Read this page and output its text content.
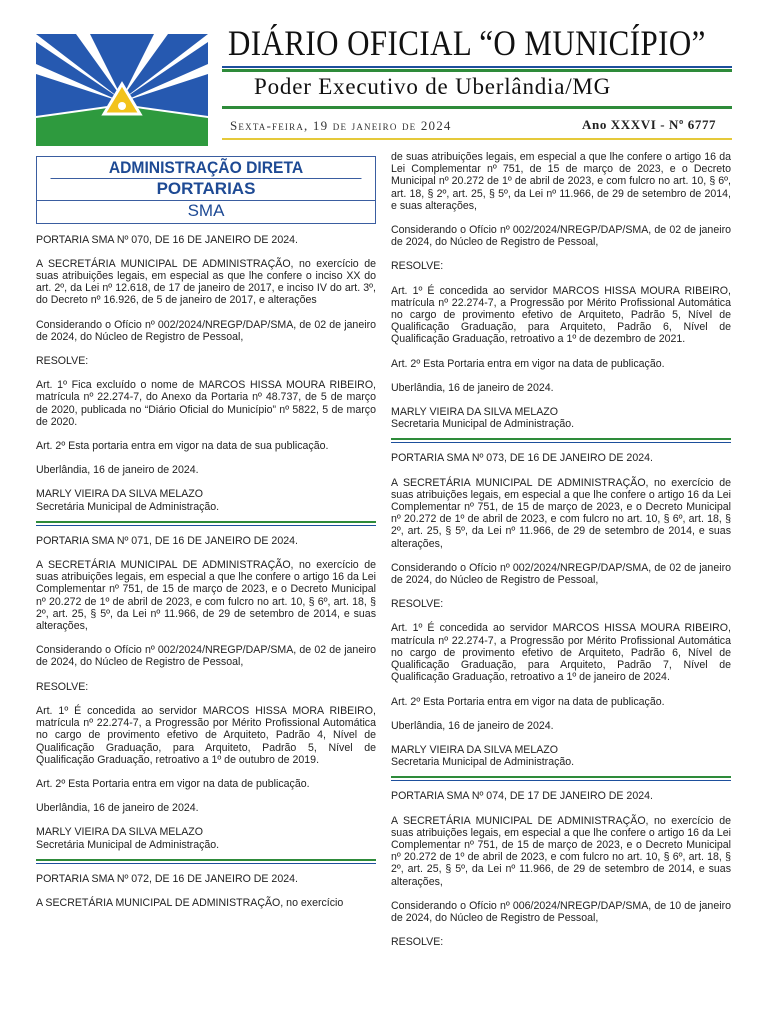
DIÁRIO OFICIAL “O MUNICÍPIO”
Poder Executivo de Uberlândia/MG
Sexta-feira, 19 de janeiro de 2024	Ano XXXVI - Nº 6777
ADMINISTRAÇÃO DIRETA
PORTARIAS
SMA

PORTARIA SMA Nº 070, DE 16 DE JANEIRO DE 2024.

A SECRETÁRIA MUNICIPAL DE ADMINISTRAÇÃO, no exercício de suas atribuições legais, em especial as que lhe confere o inciso XX do art. 2º, da Lei nº 12.618, de 17 de janeiro de 2017, e inciso IV do art. 3º, do Decreto nº 16.926, de 5 de janeiro de 2017, e alterações

Considerando o Ofício nº 002/2024/NREGP/DAP/SMA, de 02 de janeiro de 2024, do Núcleo de Registro de Pessoal,

RESOLVE:

Art. 1º Fica excluído o nome de MARCOS HISSA MOURA RIBEIRO, matrícula nº 22.274-7, do Anexo da Portaria nº 48.737, de 5 de março de 2020, publicada no “Diário Oficial do Município” nº 5822, 5 de março de 2020.

Art. 2º Esta portaria entra em vigor na data de sua publicação.

Uberlândia, 16 de janeiro de 2024.

MARLY VIEIRA DA SILVA MELAZO

Secretária Municipal de Administração.

PORTARIA SMA Nº 071, DE 16 DE JANEIRO DE 2024.

A SECRETÁRIA MUNICIPAL DE ADMINISTRAÇÃO, no exercício de suas atribuições legais, em especial a que lhe confere o artigo 16 da Lei Complementar nº 751, de 15 de março de 2023, e o Decreto Municipal nº 20.272 de 1º de abril de 2023, e com fulcro no art. 10, § 6º, art. 18, § 2º, art. 25, § 5º, da Lei nº 11.966, de 29 de setembro de 2014, e suas alterações,

Considerando o Ofício nº 002/2024/NREGP/DAP/SMA, de 02 de janeiro de 2024, do Núcleo de Registro de Pessoal,

RESOLVE:

Art. 1º É concedida ao servidor MARCOS HISSA MORA RIBEIRO, matrícula nº 22.274-7, a Progressão por Mérito Profissional Automática no cargo de provimento efetivo de Arquiteto, Padrão 4, Nível de Qualificação Graduação, para Arquiteto, Padrão 5, Nível de Qualificação Graduação, retroativo a 1º de outubro de 2019.

Art. 2º Esta Portaria entra em vigor na data de publicação.

Uberlândia, 16 de janeiro de 2024.

MARLY VIEIRA DA SILVA MELAZO

Secretária Municipal de Administração.

PORTARIA SMA Nº 072, DE 16 DE JANEIRO DE 2024.

A SECRETÁRIA MUNICIPAL DE ADMINISTRAÇÃO, no exercício

de suas atribuições legais, em especial a que lhe confere o artigo 16 da Lei Complementar nº 751, de 15 de março de 2023, e o Decreto Municipal nº 20.272 de 1º de abril de 2023, e com fulcro no art. 10, § 6º, art. 18, § 2º, art. 25, § 5º, da Lei nº 11.966, de 29 de setembro de 2014, e suas alterações,

Considerando o Ofício nº 002/2024/NREGP/DAP/SMA, de 02 de janeiro de 2024, do Núcleo de Registro de Pessoal,

RESOLVE:

Art. 1º É concedida ao servidor MARCOS HISSA MOURA RIBEIRO, matrícula nº 22.274-7, a Progressão por Mérito Profissional Automática no cargo de provimento efetivo de Arquiteto, Padrão 5, Nível de Qualificação Graduação, para Arquiteto, Padrão 6, Nível de Qualificação Graduação, retroativo a 1º de dezembro de 2021.

Art. 2º Esta Portaria entra em vigor na data de publicação.

Uberlândia, 16 de janeiro de 2024.

MARLY VIEIRA DA SILVA MELAZO

Secretaria Municipal de Administração.

PORTARIA SMA Nº 073, DE 16 DE JANEIRO DE 2024.

A SECRETÁRIA MUNICIPAL DE ADMINISTRAÇÃO, no exercício de suas atribuições legais, em especial a que lhe confere o artigo 16 da Lei Complementar nº 751, de 15 de março de 2023, e o Decreto Municipal nº 20.272 de 1º de abril de 2023, e com fulcro no art. 10, § 6º, art. 18, § 2º, art. 25, § 5º, da Lei nº 11.966, de 29 de setembro de 2014, e suas alterações,

Considerando o Ofício nº 002/2024/NREGP/DAP/SMA, de 02 de janeiro de 2024, do Núcleo de Registro de Pessoal,

RESOLVE:

Art. 1º É concedida ao servidor MARCOS HISSA MOURA RIBEIRO, matrícula nº 22.274-7, a Progressão por Mérito Profissional Automática no cargo de provimento efetivo de Arquiteto, Padrão 6, Nível de Qualificação Graduação, para Arquiteto, Padrão 7, Nível de Qualificação Graduação, retroativo a 1º de janeiro de 2024.

Art. 2º Esta Portaria entra em vigor na data de publicação.

Uberlândia, 16 de janeiro de 2024.

MARLY VIEIRA DA SILVA MELAZO

Secretaria Municipal de Administração.

PORTARIA SMA Nº 074, DE 17 DE JANEIRO DE 2024.

A SECRETÁRIA MUNICIPAL DE ADMINISTRAÇÃO, no exercício de suas atribuições legais, em especial a que lhe confere o artigo 16 da Lei Complementar nº 751, de 15 de março de 2023, e o Decreto Municipal nº 20.272 de 1º de abril de 2023, e com fulcro no art. 10, § 6º, art. 18, § 2º, art. 25, § 5º, da Lei nº 11.966, de 29 de setembro de 2014, e suas alterações,

Considerando o Ofício nº 006/2024/NREGP/DAP/SMA, de 10 de janeiro de 2024, do Núcleo de Registro de Pessoal,

RESOLVE:
